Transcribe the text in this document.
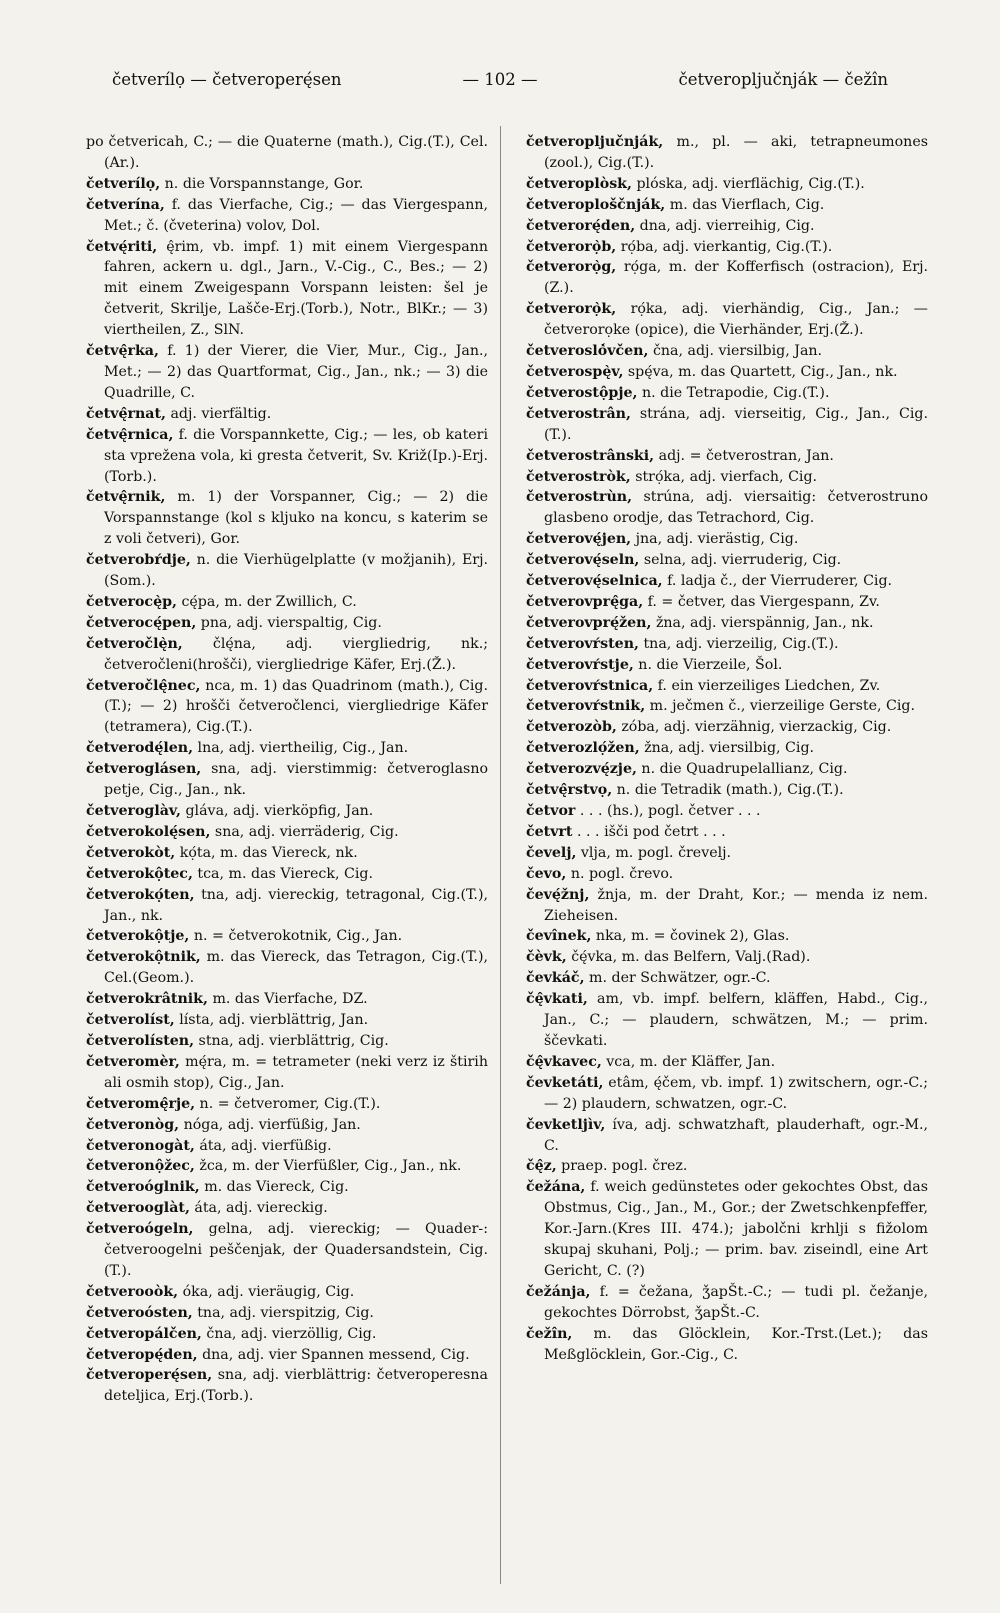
četverílọ — četveroperę́sen	— 102 —	četveropljučnják — čežîn
po četvericah, C.; — die Quaterne (math.), Cig.(T.), Cel.(Ar.).
četverílọ, n. die Vorspannstange, Gor.
četverína, f. das Vierfache, Cig.; — das Viergespann, Met.; č. (čveterina) volov, Dol.
četvę́riti, ę̂rim, vb. impf. 1) mit einem Viergespann fahren, ackern u. dgl., Jarn., V.-Cig., C., Bes.; — 2) mit einem Zweigespann Vorspann leisten: šel je četverit, Skrilje, Lašče-Erj.(Torb.), Notr., BlKr.; — 3) viertheilen, Z., SlN.
četvę̂rka, f. 1) der Vierer, die Vier, Mur., Cig., Jan., Met.; — 2) das Quartformat, Cig., Jan., nk.; — 3) die Quadrille, C.
četvę̂rnat, adj. vierfältig.
četvę̂rnica, f. die Vorspannkette, Cig.; — les, ob kateri sta vprežena vola, ki gresta četverit, Sv. Križ(Ip.)-Erj.(Torb.).
četvę̂rnik, m. 1) der Vorspanner, Cig.; — 2) die Vorspannstange (kol s kljuko na koncu, s katerim se z voli četveri), Gor.
četverobŕdje, n. die Vierhügelplatte (v možjanih), Erj.(Som.).
četverocę̀p, cę́pa, m. der Zwillich, C.
četverocę́pen, pna, adj. vierspaltig, Cig.
četveročlę̀n, člę́na, adj. viergliedrig, nk.; četveročleni(hrošči), viergliedrige Käfer, Erj.(Ž.).
četveročlę̂nec, nca, m. 1) das Quadrinom (math.), Cig.(T.); — 2) hrošči četveročlenci, viergliedrige Käfer (tetramera), Cig.(T.).
četverodę́len, lna, adj. viertheilig, Cig., Jan.
četveroglásen, sna, adj. vierstimmig: četveroglasno petje, Cig., Jan., nk.
četveroglàv, gláva, adj. vierköpfig, Jan.
četverokolę́sen, sna, adj. vierräderig, Cig.
četverokòt, kọ́ta, m. das Viereck, nk.
četverokộtec, tca, m. das Viereck, Cig.
četverokọ́ten, tna, adj. viereckig, tetragonal, Cig.(T.), Jan., nk.
četverokộtje, n. = četverokotnik, Cig., Jan.
četverokộtnik, m. das Viereck, das Tetragon, Cig.(T.), Cel.(Geom.).
četverokrâtnik, m. das Vierfache, DZ.
četverolíst, lísta, adj. vierblättrig, Jan.
četverolísten, stna, adj. vierblättrig, Cig.
četveromèr, mę́ra, m. = tetrameter (neki verz iz štirih ali osmih stop), Cig., Jan.
četveromę̂rje, n. = četveromer, Cig.(T.).
četveronòg, nóga, adj. vierfüßig, Jan.
četveronogàt, áta, adj. vierfüßig.
četveronộžec, žca, m. der Vierfüßler, Cig., Jan., nk.
četveroóglnik, m. das Viereck, Cig.
četverooglàt, áta, adj. viereckig.
četveroógeln, gelna, adj. viereckig; — Quader-: četveroogelni peščenjak, der Quadersandstein, Cig.(T.).
četverooòk, óka, adj. vieräugig, Cig.
četveroósten, tna, adj. vierspitzig, Cig.
četveropálčen, čna, adj. vierzöllig, Cig.
četveropę́den, dna, adj. vier Spannen messend, Cig.
četveroperę́sen, sna, adj. vierblättrig: četveroperesna deteljica, Erj.(Torb.).
četveropljučnják, m., pl. — aki, tetrapneumones (zool.), Cig.(T.).
četveroplòsk, plóska, adj. vierflächig, Cig.(T.).
četveroploščnják, m. das Vierflach, Cig.
četverorę́den, dna, adj. vierreihig, Cig.
četverorọ̀b, rọ́ba, adj. vierkantig, Cig.(T.).
četverorọ̀g, rọ́ga, m. der Kofferfisch (ostracion), Erj.(Z.).
četverorọ̀k, rọ́ka, adj. vierhändig, Cig., Jan.; — četverorọke (opice), die Vierhänder, Erj.(Ž.).
četverosló̀včen, čna, adj. viersilbig, Jan.
četverospę̀v, spę́va, m. das Quartett, Cig., Jan., nk.
četverostộpje, n. die Tetrapodie, Cig.(T.).
četverostrân, strána, adj. vierseitig, Cig., Jan., Cig.(T.).
četverostrânski, adj. = četverostran, Jan.
četverostròk, strọ́ka, adj. vierfach, Cig.
četverostrùn, strúna, adj. viersaitig: četverostruno glasbeno orodje, das Tetrachord, Cig.
četverovę́jen, jna, adj. vierästig, Cig.
četverovę́seln, selna, adj. vierruderig, Cig.
četverovę́selnica, f. ladja č., der Vierruderer, Cig.
četverovprę̂ga, f. = četver, das Viergespann, Zv.
četverovprę́žen, žna, adj. vierspännig, Jan., nk.
četverovŕsten, tna, adj. vierzeilig, Cig.(T.).
četverovŕstje, n. die Vierzeile, Šol.
četverovŕstnica, f. ein vierzeiliges Liedchen, Zv.
četverovŕstnik, m. ječmen č., vierzeilige Gerste, Cig.
četverozòb, zóba, adj. vierzähnig, vierzackig, Cig.
četverozlọ́žen, žna, adj. viersilbig, Cig.
četverozvę́zje, n. die Quadrupelallianz, Cig.
četvę̂rstvọ, n. die Tetradik (math.), Cig.(T.).
četvor . . . (hs.), pogl. četver . . .
četvrt . . . išči pod četrt . . .
čevelj, vlja, m. pogl. črevelj.
čevo, n. pogl. črevo.
čevę́žnj, žnja, m. der Draht, Kor.; — menda iz nem. Zieheisen.
čevînek, nka, m. = čovinek 2), Glas.
čèvk, čę́vka, m. das Belfern, Valj.(Rad).
čevkáč, m. der Schwätzer, ogr.-C.
čę̂vkati, am, vb. impf. belfern, kläffen, Habd., Cig., Jan., C.; — plaudern, schwätzen, M.; — prim. ščevkati.
čę̂vkavec, vca, m. der Kläffer, Jan.
čevketáti, etâm, ę́čem, vb. impf. 1) zwitschern, ogr.-C.; — 2) plaudern, schwatzen, ogr.-C.
čevketljìv, íva, adj. schwatzhaft, plauderhaft, ogr.-M., C.
čę̂z, praep. pogl. črez.
čežána, f. weich gedünstetes oder gekochtes Obst, das Obstmus, Cig., Jan., M., Gor.; der Zwetschkenpfeffer, Kor.-Jarn.(Kres III. 474.); jabolčni krhlji s fižolom skupaj skuhani, Polj.; — prim. bav. ziseindl, eine Art Gericht, C. (?)
čežánja, f. = čežana, ǯapŠt.-C.; — tudi pl. čežanje, gekochtes Dörrobst, ǯapŠt.-C.
čežîn, m. das Glöcklein, Kor.-Trst.(Let.); das Meßglöcklein, Gor.-Cig., C.
